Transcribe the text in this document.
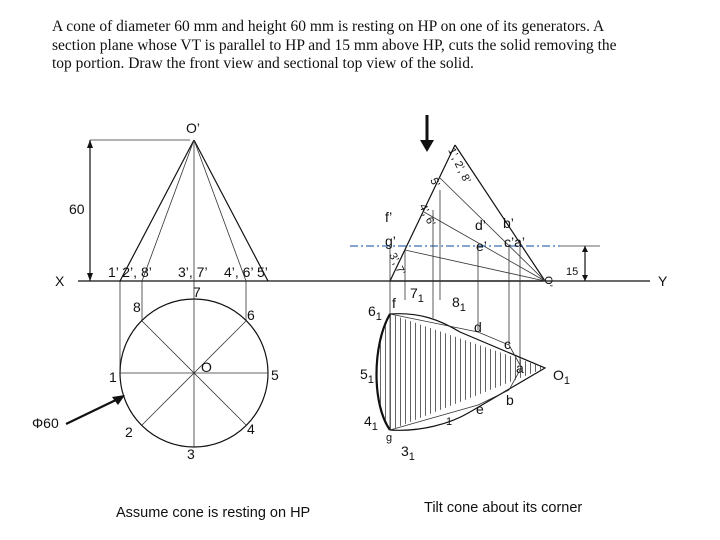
A cone of diameter 60 mm and height 60 mm is resting on HP on one of its generators. A
section plane whose VT is parallel to HP and 15 mm above HP, cuts the solid removing the
top portion. Draw the front view and sectional top view of the solid.
X	Y
O’
60
1’ 2’, 8’ 3’, 7’ 4’, 6’ 5’
O
1
2
3
4
5
6
7
8
Φ60
1’, 2’, 8’
5’
4’, 6’
3’, 7’
O’
f’
g’
d’ b’
e’ c’a’
15
$6_1$
f
$7_1$ $8_1$
$5_1$
$4_1$
g
$3_1$
d
c
a
b
e
1
$O_1$
Assume cone is resting on HP	Tilt cone about its corner
